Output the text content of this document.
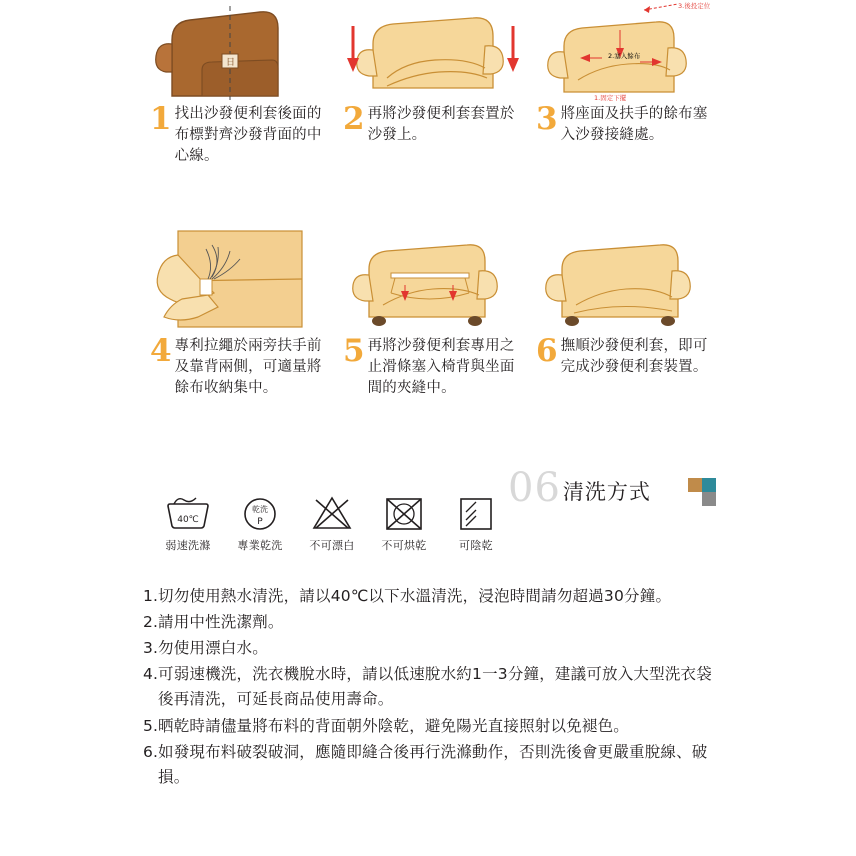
日
1 找出沙發便利套後面的布標對齊沙發背面的中心線。
2 再將沙發便利套套置於沙發上。
3.後投定位
2.塞入餘布
1.固定下擺
3 將座面及扶手的餘布塞入沙發接縫處。
4 專利拉繩於兩旁扶手前及靠背兩側，可適量將餘布收納集中。
5 再將沙發便利套專用之止滑條塞入椅背與坐面間的夾縫中。
6 撫順沙發便利套，即可完成沙發便利套裝置。
06 清洗方式
40℃
弱速洗滌
乾洗
P
專業乾洗	不可漂白	不可烘乾	可陰乾
1. 切勿使用熱水清洗，請以40℃以下水溫清洗，浸泡時間請勿超過30分鐘。
2. 請用中性洗潔劑。
3. 勿使用漂白水。
4. 可弱速機洗，洗衣機脫水時，請以低速脫水約1一3分鐘，建議可放入大型洗衣袋後再清洗，可延長商品使用壽命。
5. 晒乾時請儘量將布料的背面朝外陰乾，避免陽光直接照射以免褪色。
6. 如發現布料破裂破洞，應隨即縫合後再行洗滌動作，否則洗後會更嚴重脫線、破損。
